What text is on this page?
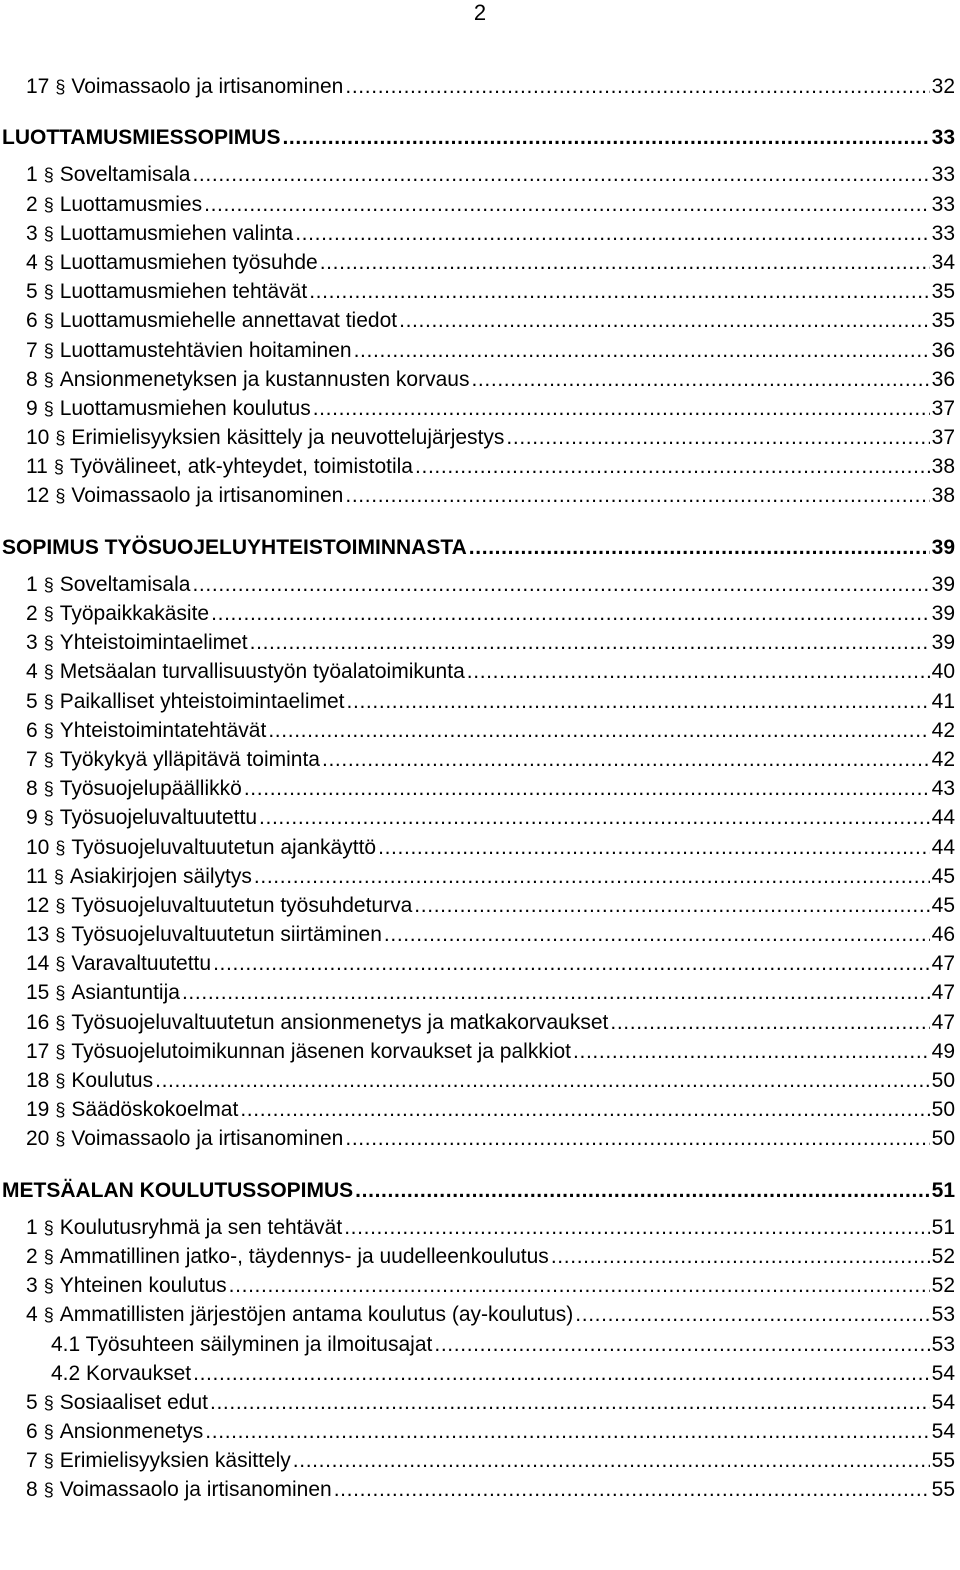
2
17 § Voimassaolo ja irtisanominen . . .	32
LUOTTAMUSMIESSOPIMUS . . .	33
1 § Soveltamisala . . .	33
2 § Luottamusmies . . .	33
3 § Luottamusmiehen valinta . . .	33
4 § Luottamusmiehen työsuhde . . .	34
5 § Luottamusmiehen tehtävät . . .	35
6 § Luottamusmiehelle annettavat tiedot . . .	35
7 § Luottamustehtävien hoitaminen . . .	36
8 § Ansionmenetyksen ja kustannusten korvaus . . .	36
9 § Luottamusmiehen koulutus . . .	37
10 § Erimielisyyksien käsittely ja neuvottelujärjestys . . .	37
11 § Työvälineet, atk-yhteydet, toimistotila . . .	38
12 § Voimassaolo ja irtisanominen . . .	38
SOPIMUS TYÖSUOJELUYHTEISTOIMINNASTA . . .	39
1 § Soveltamisala . . .	39
2 § Työpaikkakäsite . . .	39
3 § Yhteistoimintaelimet . . .	39
4 § Metsäalan turvallisuustyön työalatoimikunta . . .	40
5 § Paikalliset yhteistoimintaelimet . . .	41
6 § Yhteistoimintatehtävät . . .	42
7 § Työkykyä ylläpitävä toiminta . . .	42
8 § Työsuojelupäällikkö . . .	43
9 § Työsuojeluvaltuutettu . . .	44
10 § Työsuojeluvaltuutetun ajankäyttö . . .	44
11 § Asiakirjojen säilytys . . .	45
12 § Työsuojeluvaltuutetun työsuhdeturva . . .	45
13 § Työsuojeluvaltuutetun siirtäminen . . .	46
14 § Varavaltuutettu . . .	47
15 § Asiantuntija . . .	47
16 § Työsuojeluvaltuutetun ansionmenetys ja matkakorvaukset . . .	47
17 § Työsuojelutoimikunnan jäsenen korvaukset ja palkkiot . . .	49
18 § Koulutus . . .	50
19 § Säädöskokoelmat . . .	50
20 § Voimassaolo ja irtisanominen . . .	50
METSÄALAN KOULUTUSSOPIMUS . . .	51
1 § Koulutusryhmä ja sen tehtävät . . .	51
2 § Ammatillinen jatko-, täydennys- ja uudelleenkoulutus . . .	52
3 § Yhteinen koulutus . . .	52
4 § Ammatillisten järjestöjen antama koulutus (ay-koulutus) . . .	53
4.1 Työsuhteen säilyminen ja ilmoitusajat . . .	53
4.2 Korvaukset . . .	54
5 § Sosiaaliset edut . . .	54
6 § Ansionmenetys . . .	54
7 § Erimielisyyksien käsittely . . .	55
8 § Voimassaolo ja irtisanominen . . .	55
